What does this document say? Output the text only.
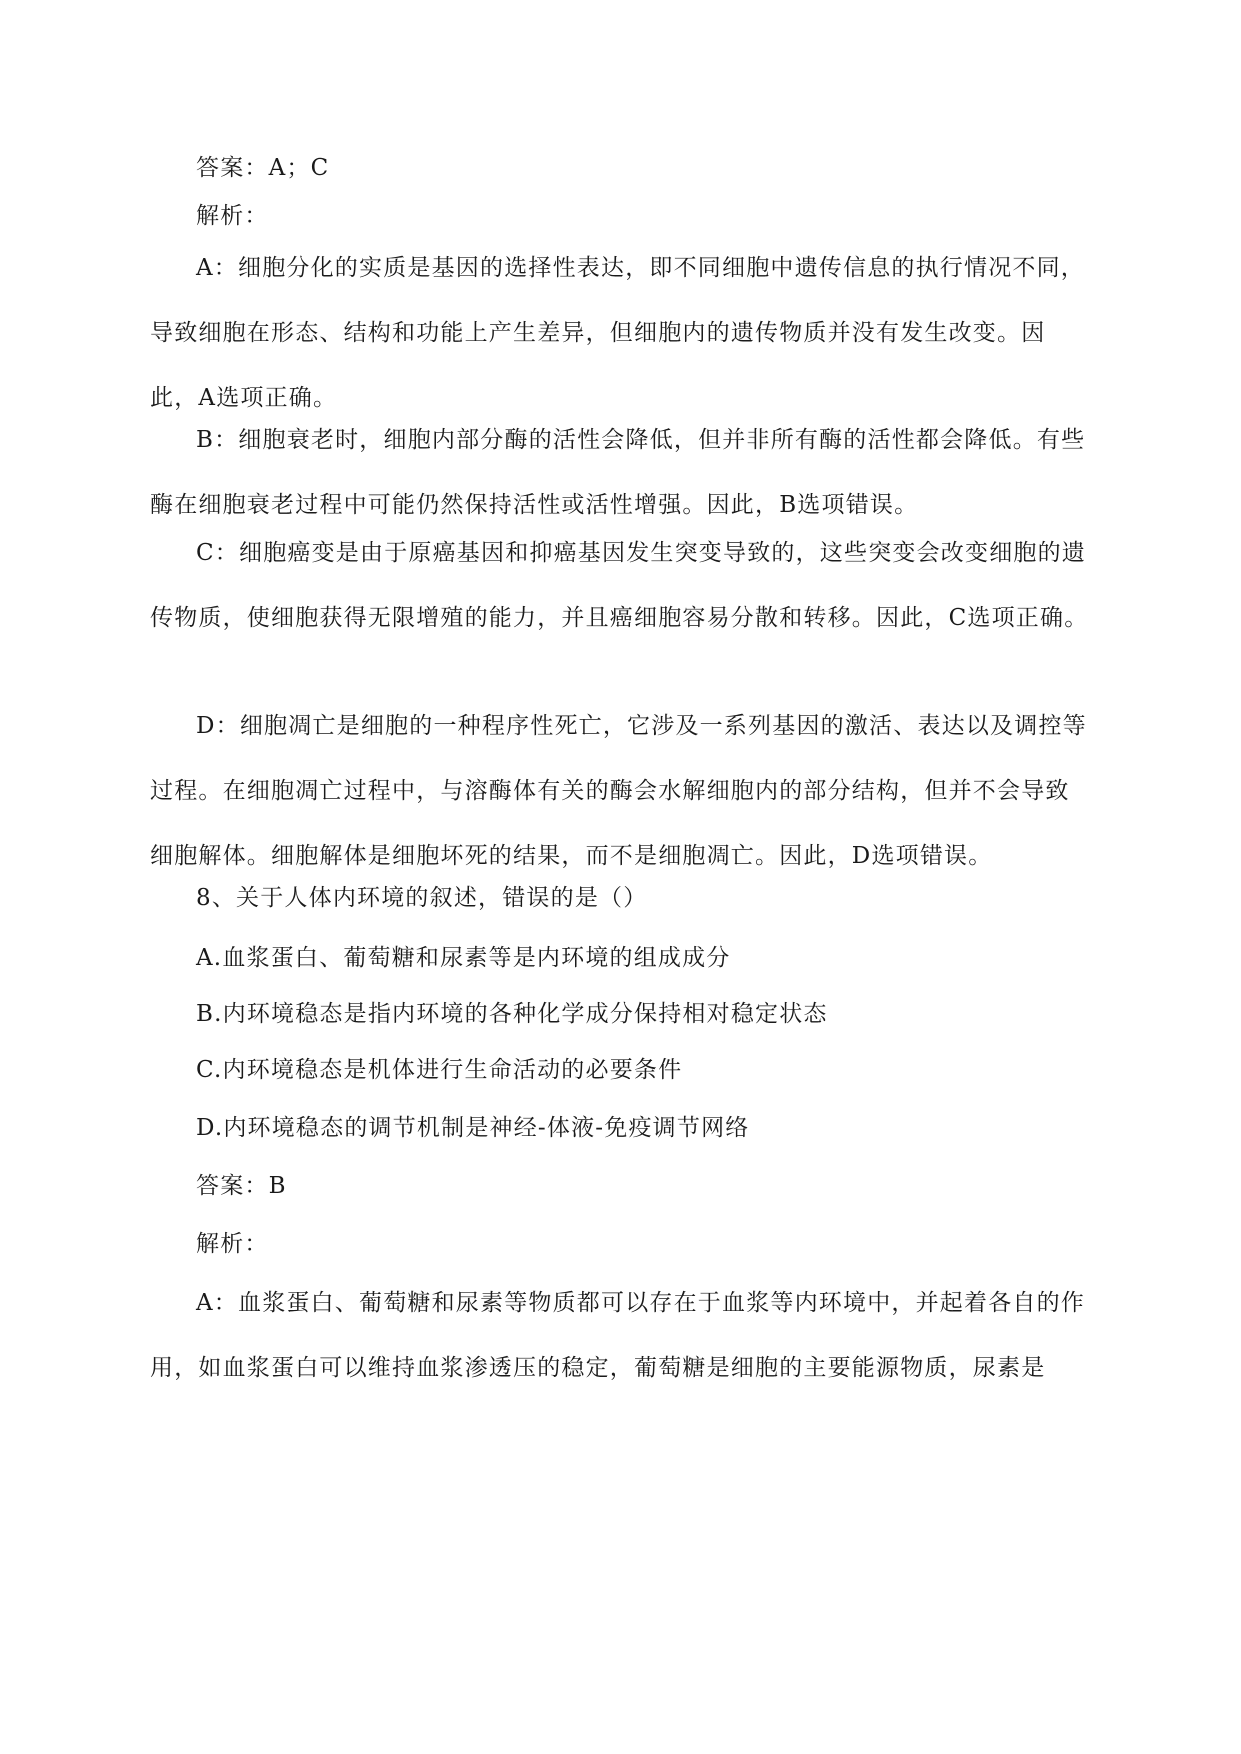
答案：A；C

解析：

A：细胞分化的实质是基因的选择性表达，即不同细胞中遗传信息的执行情况不同，导致细胞在形态、结构和功能上产生差异，但细胞内的遗传物质并没有发生改变。因此，A选项正确。

B：细胞衰老时，细胞内部分酶的活性会降低，但并非所有酶的活性都会降低。有些酶在细胞衰老过程中可能仍然保持活性或活性增强。因此，B选项错误。

C：细胞癌变是由于原癌基因和抑癌基因发生突变导致的，这些突变会改变细胞的遗传物质，使细胞获得无限增殖的能力，并且癌细胞容易分散和转移。因此，C选项正确。

D：细胞凋亡是细胞的一种程序性死亡，它涉及一系列基因的激活、表达以及调控等过程。在细胞凋亡过程中，与溶酶体有关的酶会水解细胞内的部分结构，但并不会导致细胞解体。细胞解体是细胞坏死的结果，而不是细胞凋亡。因此，D选项错误。

8、关于人体内环境的叙述，错误的是（）

A.血浆蛋白、葡萄糖和尿素等是内环境的组成成分

B.内环境稳态是指内环境的各种化学成分保持相对稳定状态

C.内环境稳态是机体进行生命活动的必要条件

D.内环境稳态的调节机制是神经-体液-免疫调节网络

答案：B

解析：

A：血浆蛋白、葡萄糖和尿素等物质都可以存在于血浆等内环境中，并起着各自的作用，如血浆蛋白可以维持血浆渗透压的稳定，葡萄糖是细胞的主要能源物质，尿素是
